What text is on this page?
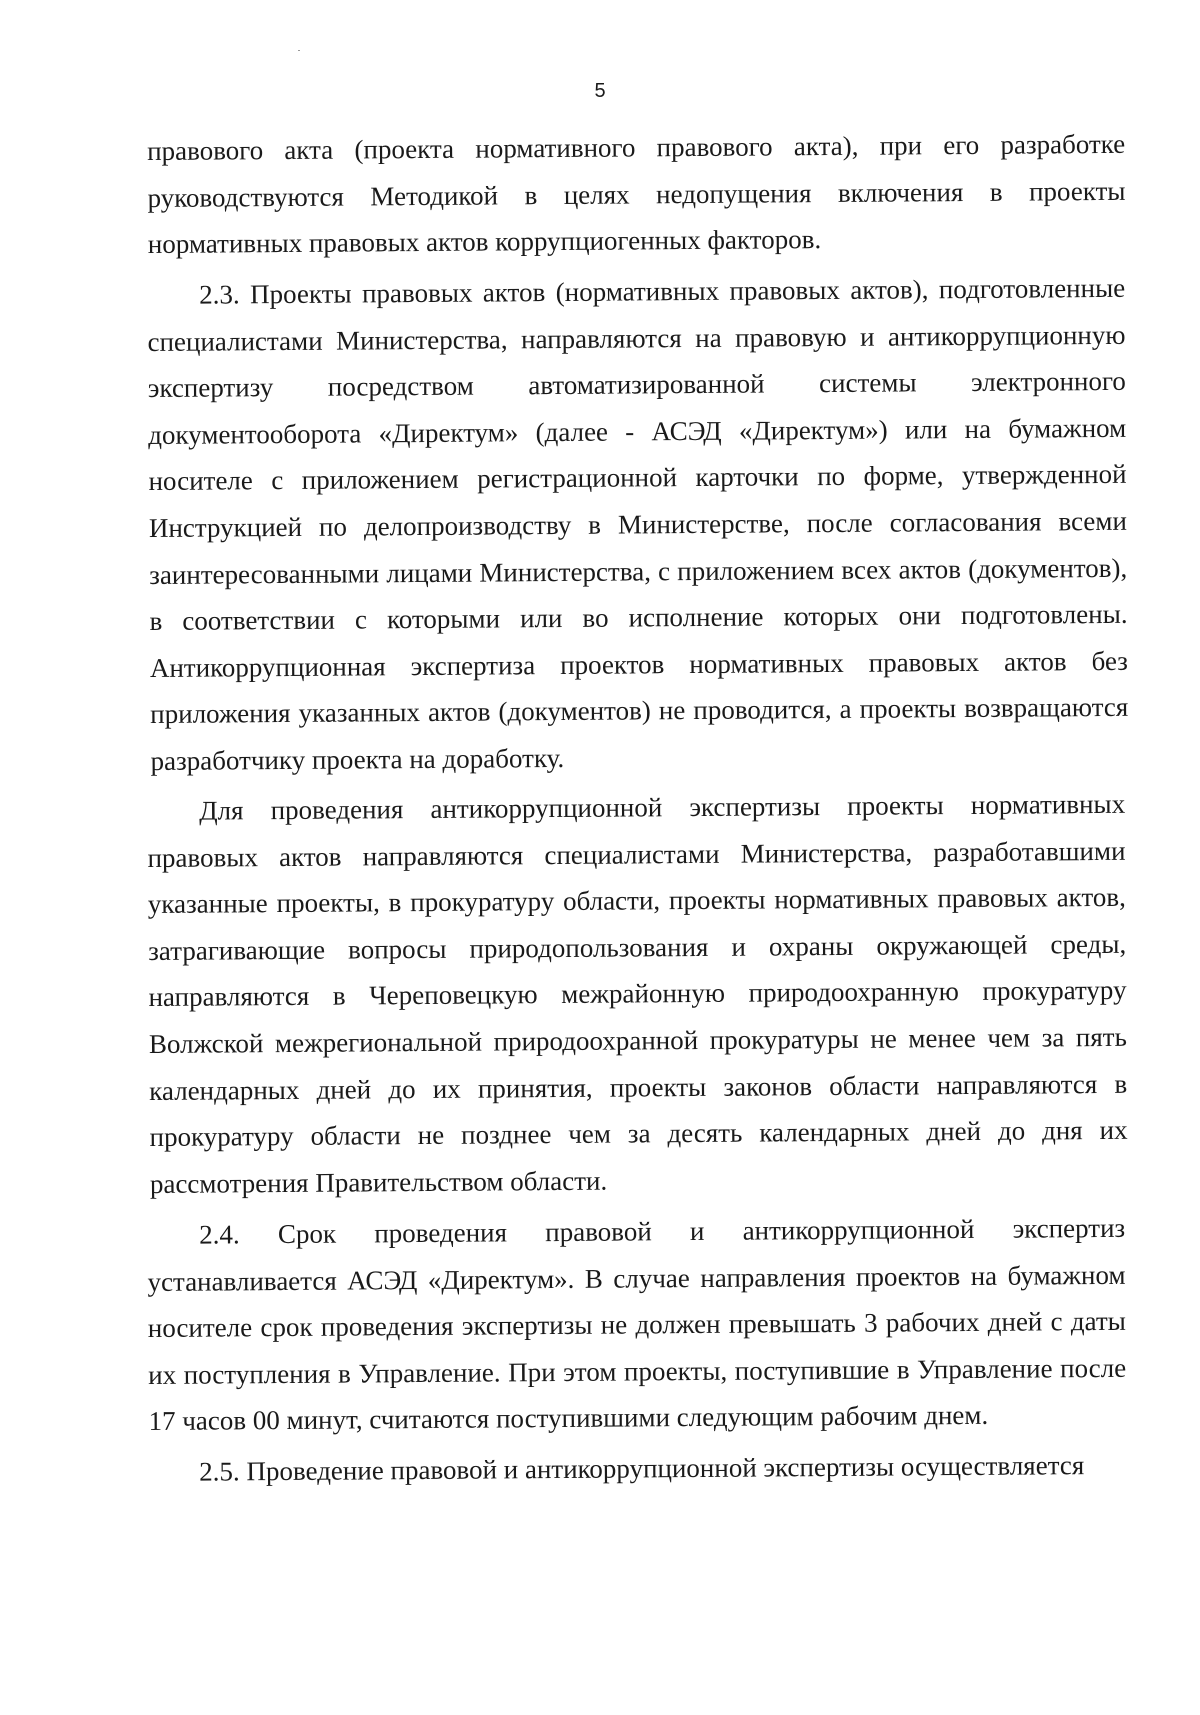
5

правового акта (проекта нормативного правового акта), при его разработке руководствуются Методикой в целях недопущения включения в проекты нормативных правовых актов коррупциогенных факторов.

2.3. Проекты правовых актов (нормативных правовых актов), подготовленные специалистами Министерства, направляются на правовую и антикоррупционную экспертизу посредством автоматизированной системы электронного документооборота «Директум» (далее - АСЭД «Директум») или на бумажном носителе с приложением регистрационной карточки по форме, утвержденной Инструкцией по делопроизводству в Министерстве, после согласования всеми заинтересованными лицами Министерства, с приложением всех актов (документов), в соответствии с которыми или во исполнение которых они подготовлены. Антикоррупционная экспертиза проектов нормативных правовых актов без приложения указанных актов (документов) не проводится, а проекты возвращаются разработчику проекта на доработку.

Для проведения антикоррупционной экспертизы проекты нормативных правовых актов направляются специалистами Министерства, разработавшими указанные проекты, в прокуратуру области, проекты нормативных правовых актов, затрагивающие вопросы природопользования и охраны окружающей среды, направляются в Череповецкую межрайонную природоохранную прокуратуру Волжской межрегиональной природоохранной прокуратуры не менее чем за пять календарных дней до их принятия, проекты законов области направляются в прокуратуру области не позднее чем за десять календарных дней до дня их рассмотрения Правительством области.

2.4. Срок проведения правовой и антикоррупционной экспертиз устанавливается АСЭД «Директум». В случае направления проектов на бумажном носителе срок проведения экспертизы не должен превышать 3 рабочих дней с даты их поступления в Управление. При этом проекты, поступившие в Управление после 17 часов 00 минут, считаются поступившими следующим рабочим днем.

2.5. Проведение правовой и антикоррупционной экспертизы осуществляется
